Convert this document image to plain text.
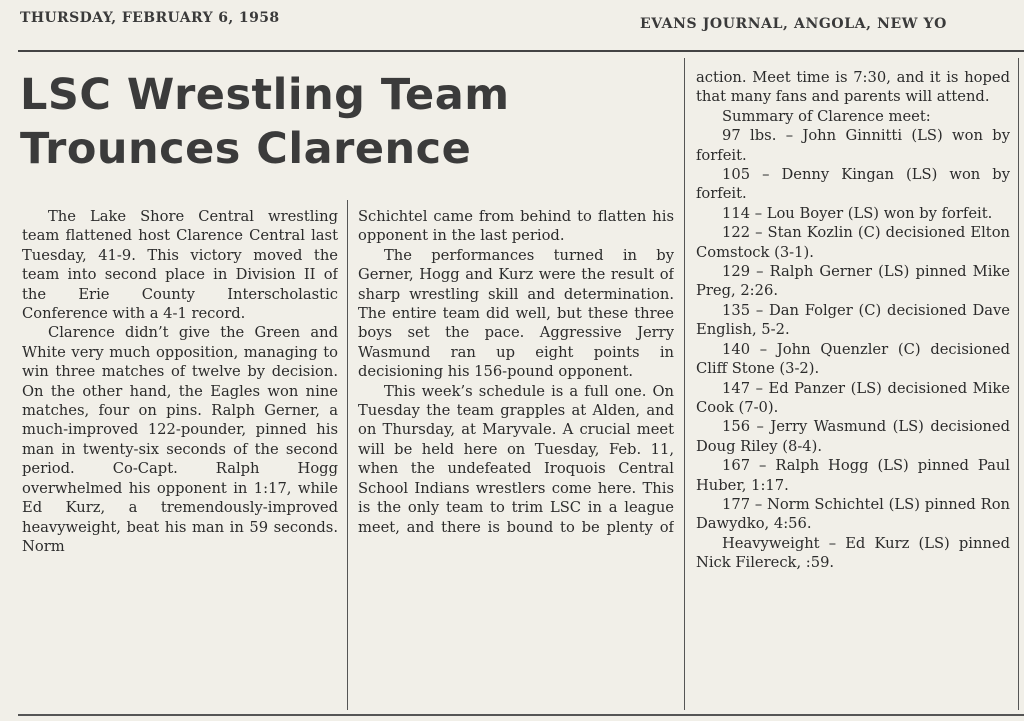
THURSDAY, FEBRUARY 6, 1958	EVANS JOURNAL, ANGOLA, NEW YO
LSC Wrestling Team
Trounces Clarence

The Lake Shore Central wrestling team flattened host Clarence Central last Tuesday, 41-9. This victory moved the team into second place in Division II of the Erie County Interscholastic Conference with a 4-1 record.

Clarence didn’t give the Green and White very much opposition, managing to win three matches of twelve by decision. On the other hand, the Eagles won nine matches, four on pins. Ralph Gerner, a much-improved 122-pounder, pinned his man in twenty-six seconds of the second period. Co-Capt. Ralph Hogg overwhelmed his opponent in 1:17, while Ed Kurz, a tremendously-improved heavyweight, beat his man in 59 seconds. Norm

Schichtel came from behind to flatten his opponent in the last period.

The performances turned in by Gerner, Hogg and Kurz were the result of sharp wrestling skill and determination. The entire team did well, but these three boys set the pace. Aggressive Jerry Wasmund ran up eight points in decisioning his 156-pound opponent.

This week’s schedule is a full one. On Tuesday the team grapples at Alden, and on Thursday, at Maryvale. A crucial meet will be held here on Tuesday, Feb. 11, when the undefeated Iroquois Central School Indians wrestlers come here. This is the only team to trim LSC in a league meet, and there is bound to be plenty of

action. Meet time is 7:30, and it is hoped that many fans and parents will attend.

Summary of Clarence meet:

97 lbs. – John Ginnitti (LS) won by forfeit.

105 – Denny Kingan (LS) won by forfeit.

114 – Lou Boyer (LS) won by forfeit.

122 – Stan Kozlin (C) decisioned Elton Comstock (3-1).

129 – Ralph Gerner (LS) pinned Mike Preg, 2:26.

135 – Dan Folger (C) decisioned Dave English, 5-2.

140 – John Quenzler (C) decisioned Cliff Stone (3-2).

147 – Ed Panzer (LS) decisioned Mike Cook (7-0).

156 – Jerry Wasmund (LS) decisioned Doug Riley (8-4).

167 – Ralph Hogg (LS) pinned Paul Huber, 1:17.

177 – Norm Schichtel (LS) pinned Ron Dawydko, 4:56.

Heavyweight – Ed Kurz (LS) pinned Nick Filereck, :59.
